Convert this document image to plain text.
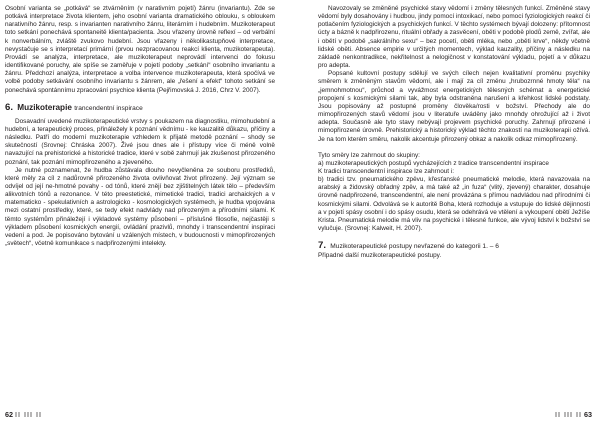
Osobní varianta se „potkává“ se ztvárněním (v narativním pojetí) žánru (invariantu). Zde se potkává interpretace života klientem, jeho osobní varianta dramatického oblouku, s obloukem narativního žánru, resp. s invarianten narativního žánru, literárním i hudebním. Muzikoterapeut toto setkání ponechává spontaneitě klienta/pacienta. Jsou vřazeny úrovně reflexí – od verbální k nonverbálním, zvláště zvukovo hudební. Jsou vřazeny i několikastupňové interpretace, nevystačuje se s interpretací primární (prvou nezpracovanou reakcí klienta, muzikoterapeuta). Provádí se analýza, interpretace, ale muzikoterapeut neprovádí intervenci do fokusu identifikované poruchy, ale spíše se zaměřuje v pojetí podoby „setkání“ osobního invariantu a žánru. Předchozí analýza, interpretace a volba intervence muzikoterapeuta, která spočívá ve volbě podoby setkávání osobního invariantu s žánrem, ale „řešení a efekt“ tohoto setkání se ponechává spontánnímu zpracování psychice klienta (Pejřimovská J. 2016, Chrz V. 2007).

6. Muzikoterapie trancendentní inspirace

Dosavadní uvedené muzikoterapeutické vrstvy s poukazem na diagnostiku, mimohudební a hudební, a terapeutický proces, přináležely k poznání vědnímu - ke kauzalitě důkazu, příčiny a následku. Patří do moderní muzikoterapie vzhledem k přijaté metodě poznání – shody se skutečností (Srovnej: Chráska 2007). Živé jsou dnes ale i přístupy více či méně volně navazující na prehistorické a historické tradice, které v sobě zahrnují jak zkušenost přirozeného poznání, tak poznání mimopřirozeného a zjeveného.

Je nutné poznamenat, že hudba zůstávala dlouho nevyčleněna ze souboru prostředků, které měly za cíl z nadůrovně přirozeného života ovlivňovat život přirozený. Její význam se odvíjel od její ne-hmotné povahy - od tónů, které znějí bez zjištitelných látek tělo – především alikvotních tónů a rezonance. V této preestetické, mimetické tradici, tradici archaických a v matematicko - spekulativních a astrologicko - kosmologických systémech, je hudba vpojována mezi ostatní prostředky, které, se tedy efekt nadvlády nad přirozeným a přírodními silami. K těmto systémům přináležejí i výkladové systémy působení – příslušné filosofie, nejčastěji s výkladem působení kosmických energií, ovládání prazivlů, mnohdy i transcendentní inspiraci vedení a pod. Je popisováno bytování u vzálených místech, v budoucnosti v mimopřirozených „světech“, včetně komunikace s nadpřirozenými intelekty.

62 II III II

Navozovaly se změněné psychické stavy vědomí i změny tělesných funkcí. Změněné stavy vědomí byly dosahovány i hudbou, jindy pomocí intoxikací, nebo pomocí fyziologických reakcí či potlačením fyziologických a psychických funkcí. V těchto systémech bývají dolozeny: přítomnost úcty a bázně k nadpřirozenu, rituální obřady a zasvěcení, oběti v podobě plodů země, zvířat, ale i obětí v podobě „sakrálního sexu“ – bez pocetí, oběti mléka, nebo „oběti krve“, někdy včetně lidské oběti. Absence empirie v určitých momentech, výklad kauzality, příčiny a následku na základě nenkontradikce, nekřitelnost a nelogičnost v konstatování výkladu, pojetí a v důkazu pro adepta.

Popsané kultovní postupy sdělují ve svých cílech nejen kvalitativní proměnu psychiky směrem k změněným stavům vědomí, ale i mají za cíl změnu „hrubozrnné hmoty těla“ na „jemnohmotnou“, průchod a vyvážmost energetických tělesných schémat a energetické propojení s kosmickými silami tak, aby byla odstraněna narušení a křehkost lidské podstaty. Jsou popisovány až postupné proměny člověka/rosti v božství. Přechody ale do mimopřirozených stavů vědomí jsou v literatuře uváděny jako mnohdy ohrožující až i život adepta. Současně ale tyto stavy nebývají projevem psychické poruchy. Zahrnují přirozené i mimopřirozené úrovně. Prehistorický a historický výklad těchto znakostí na muzikoterapii ožívá. Je na tom kterém směru, nakolik akcentuje přirozený obkaz a nakolik odkaz mimopřirozený.

Tyto směry lze zahrnout do skupiny:

a) muzikoterapeutických postupů vycházejících z tradice transcendentní inspirace

K tradici transcendentní inspirace lze zahrnout i:

b) tradici tzv. pneumatického zpěvu, křesťanské pneumatické melodie, která navazovala na arabský a židovský obřadný zpěv, a má také až „in fuza“ (vlitý, zjevený) charakter, dosahuje úrovně nadpřirozené, transcendentní, ale není provázána s přímou nadvládou nad přírodními či kosmickými silami. Odvolává se k autoritě Boha, která rozhoduje a vstupuje do lidské dějinnosti a v pojetí spásy osobní i do spásy osudu, která se odehrává ve vtělení a vykoupení obětí Ježíše Krista. Pneumatická melodie má vliv na psychické i tělesné funkce, ale vývoj lidství k božství se vylučuje. (Srovnej: Kalweit, H. 2007).

7. Muzikoterapeutické postupy nevřazené do kategorii 1. – 6

Připadné další muzikoterapeutické postupy.

II III II 63
